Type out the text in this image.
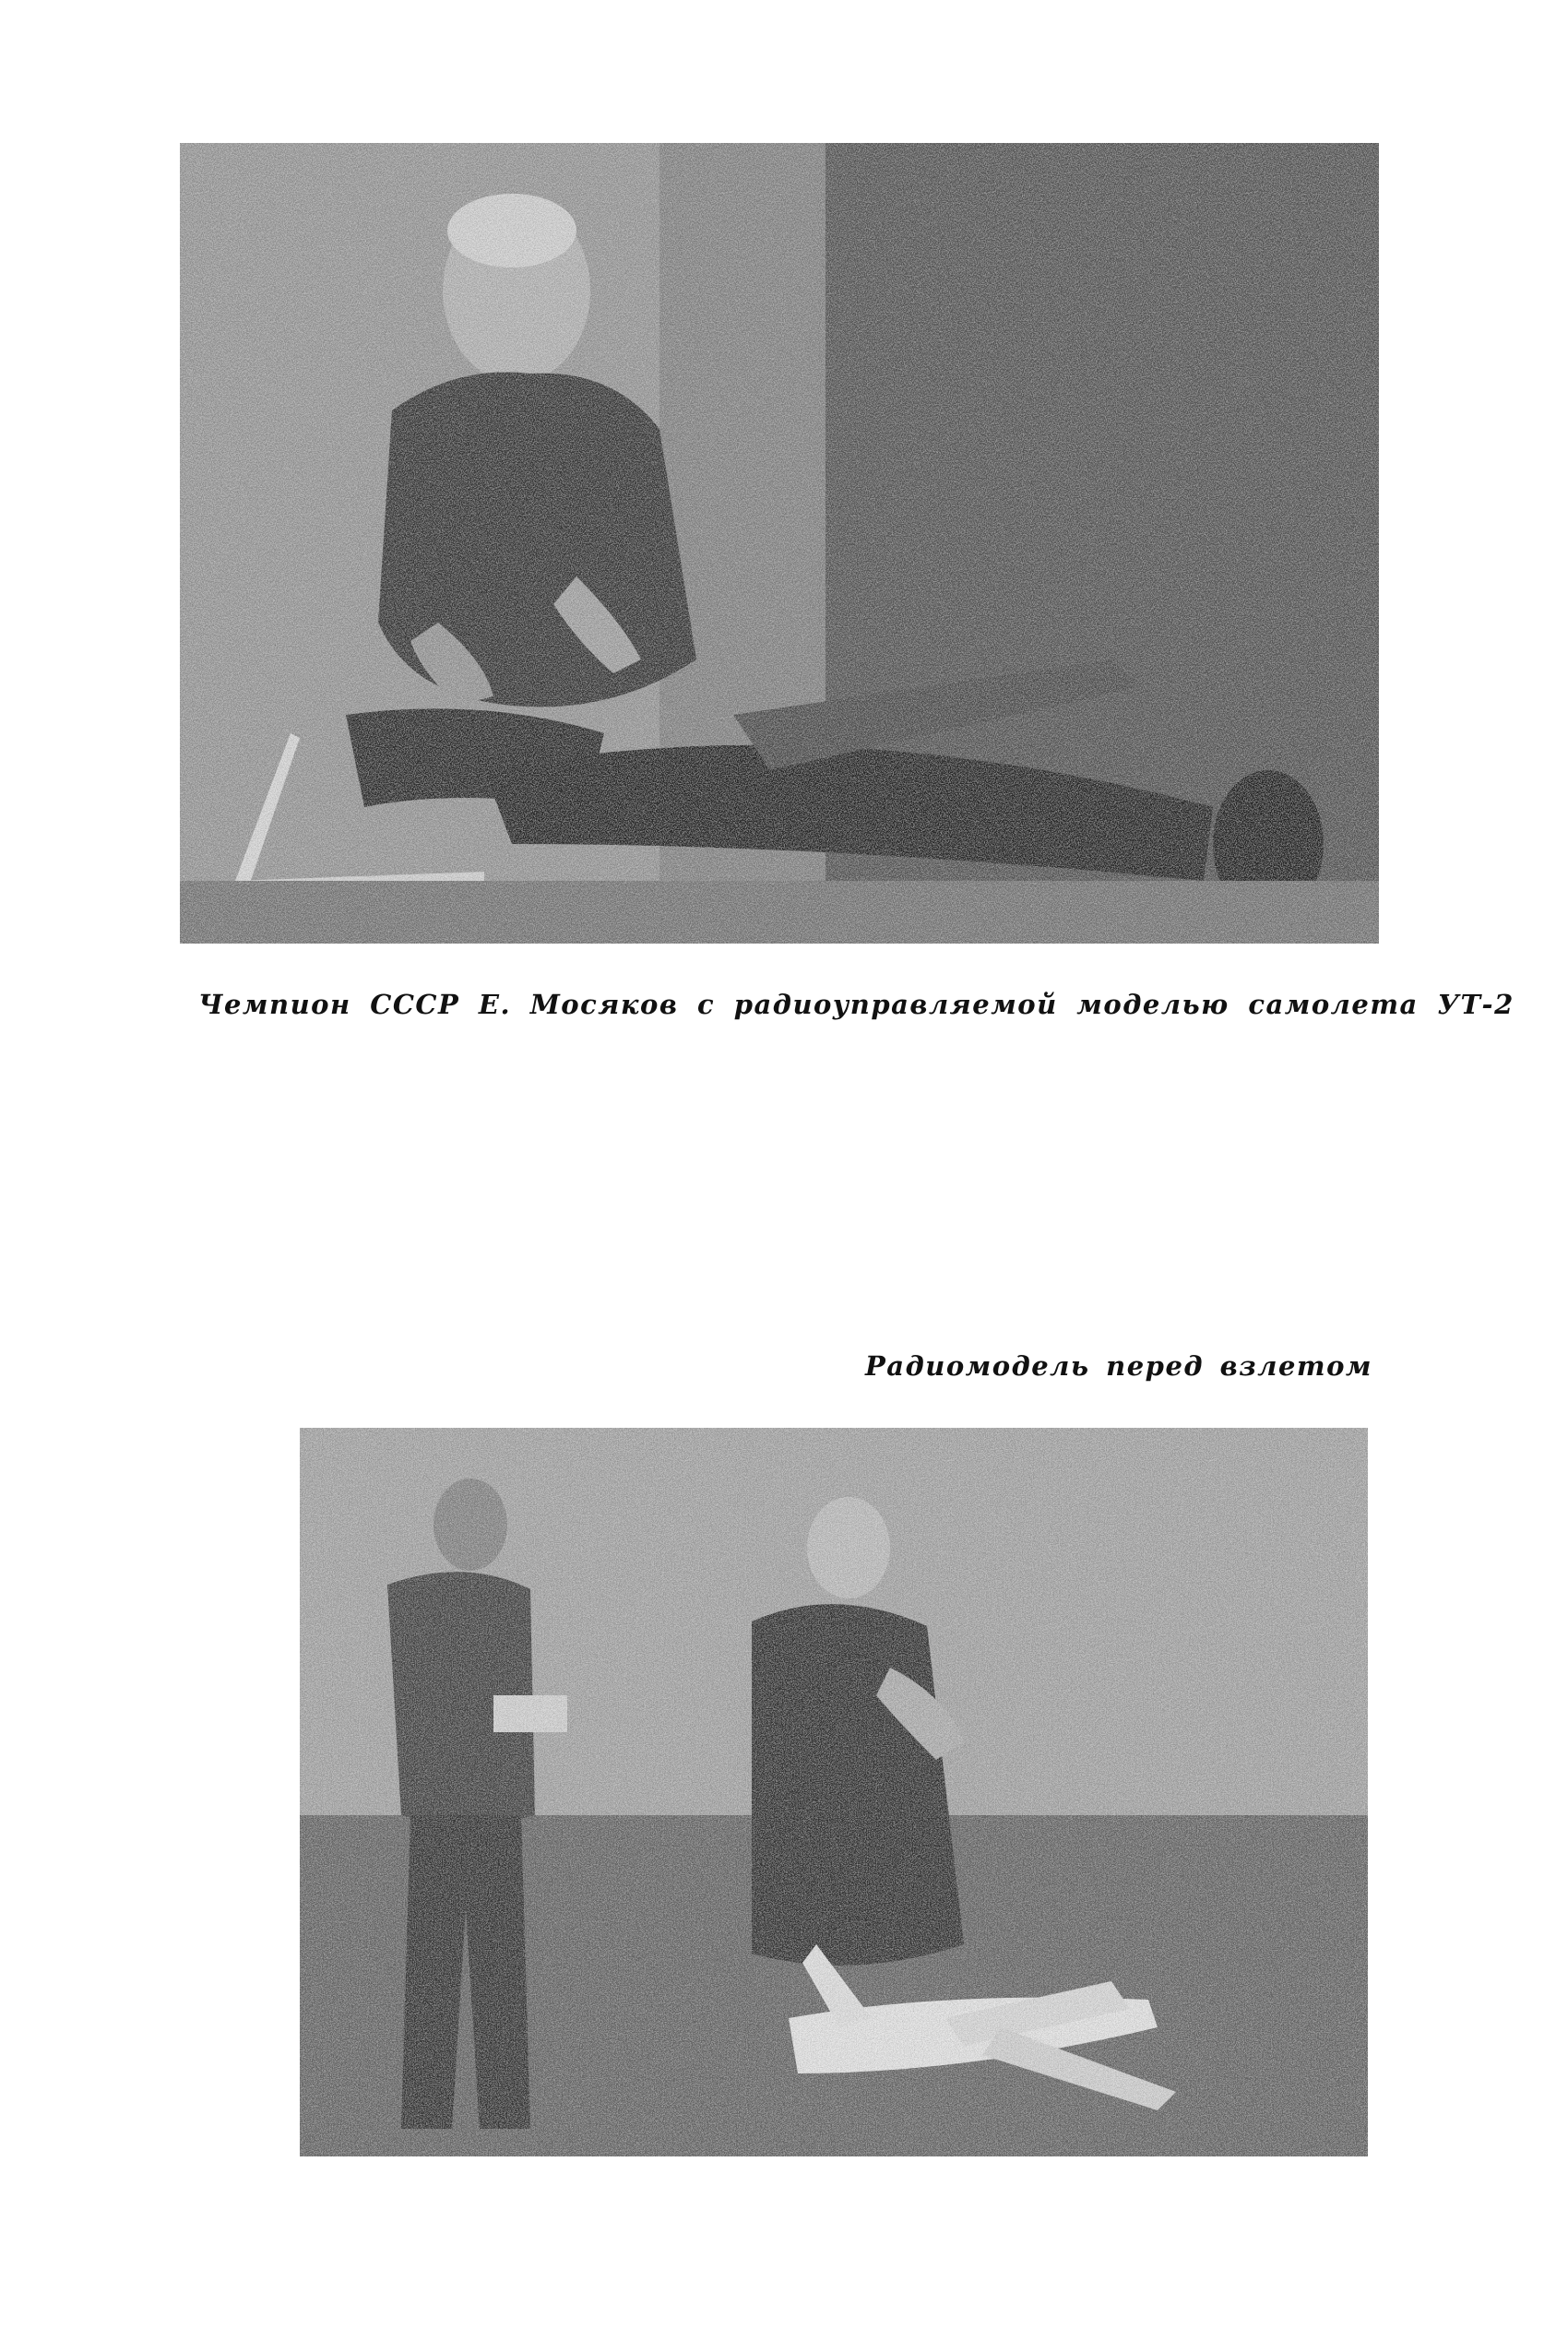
Чемпион СССР Е. Мосяков с радиоуправляемой моделью самолета УТ-2
Радиомодель перед взлетом
